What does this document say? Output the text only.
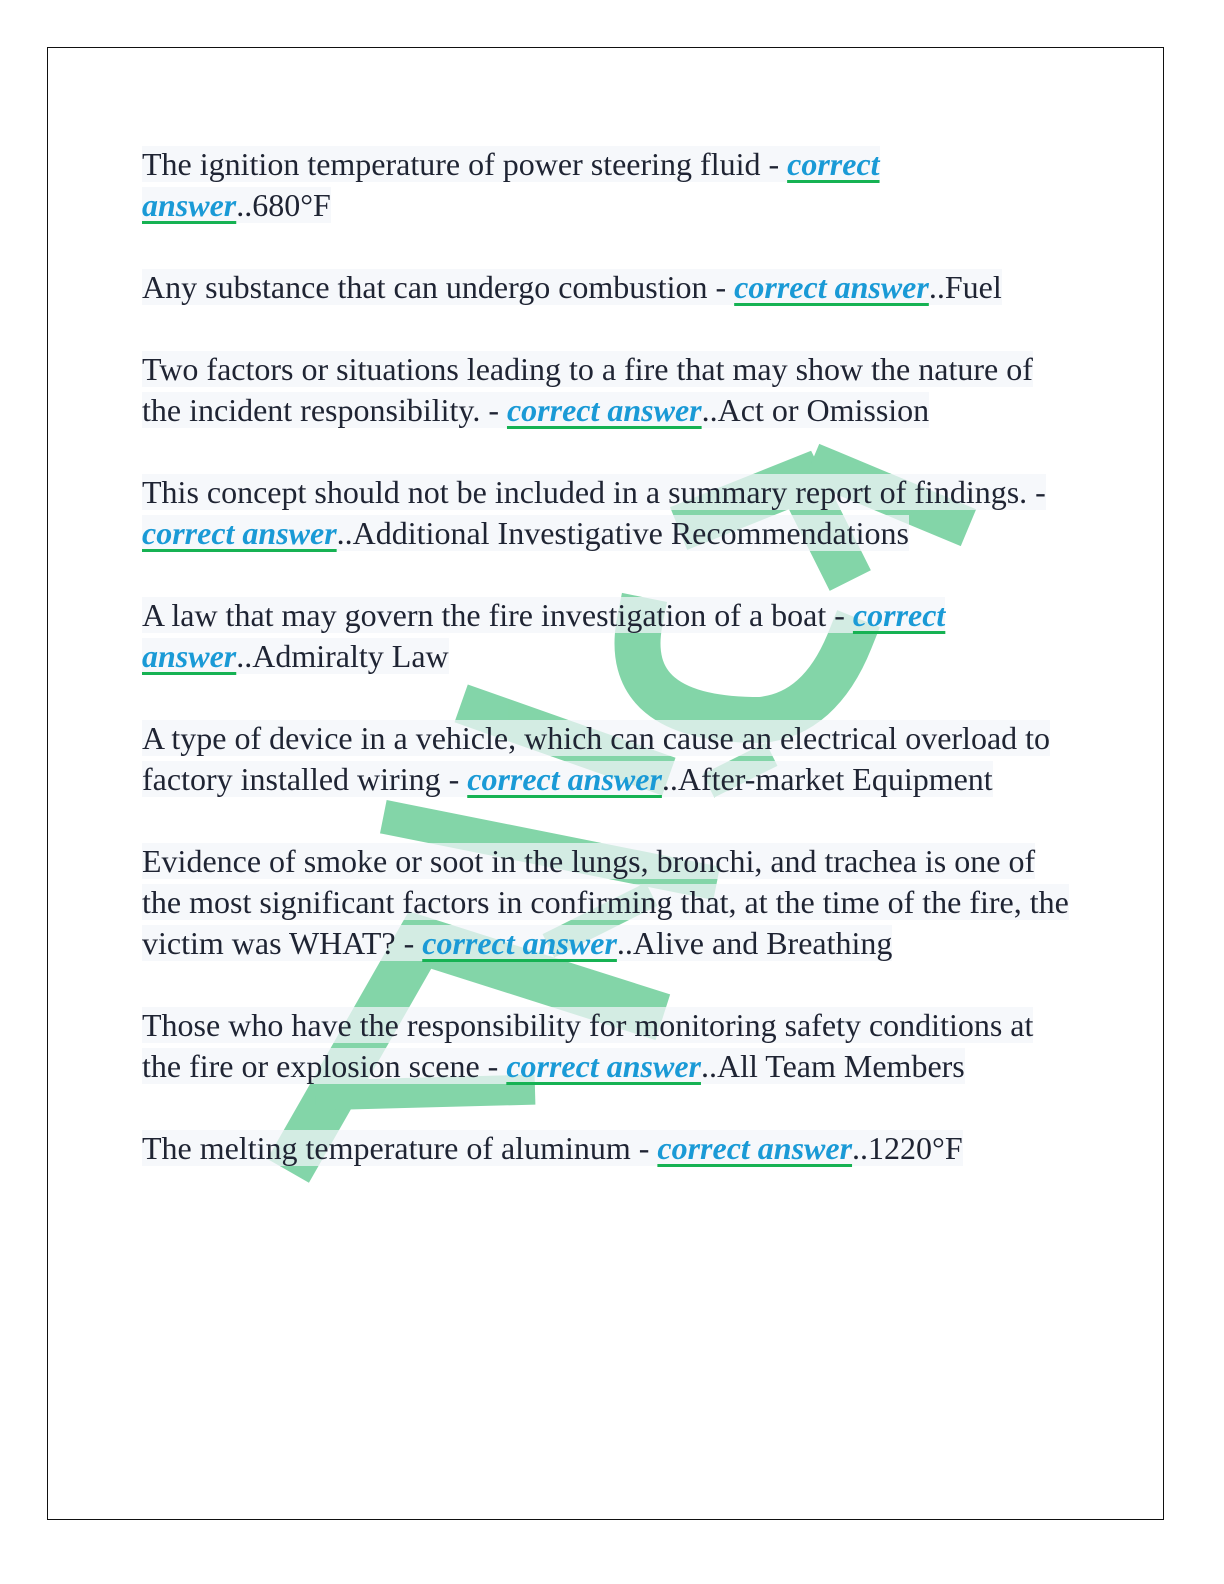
The ignition temperature of power steering fluid - correct answer..680°F

Any substance that can undergo combustion - correct answer..Fuel

Two factors or situations leading to a fire that may show the nature of the incident responsibility. - correct answer..Act or Omission

This concept should not be included in a summary report of findings. - correct answer..Additional Investigative Recommendations

A law that may govern the fire investigation of a boat - correct answer..Admiralty Law

A type of device in a vehicle, which can cause an electrical overload to factory installed wiring - correct answer..After-market Equipment

Evidence of smoke or soot in the lungs, bronchi, and trachea is one of the most significant factors in confirming that, at the time of the fire, the victim was WHAT? - correct answer..Alive and Breathing

Those who have the responsibility for monitoring safety conditions at the fire or explosion scene - correct answer..All Team Members

The melting temperature of aluminum - correct answer..1220°F
